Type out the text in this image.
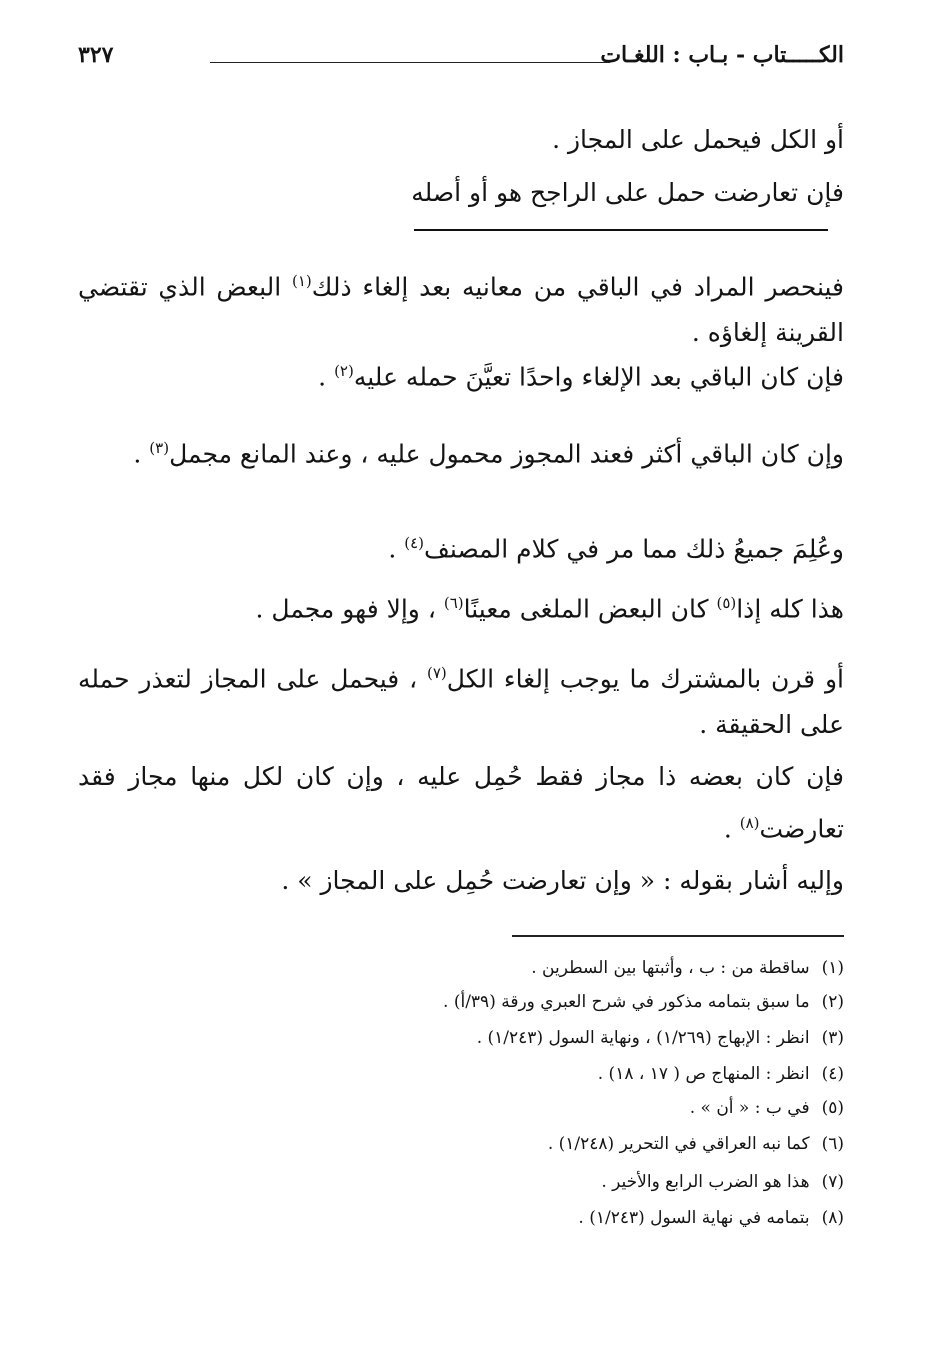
الكـــــتاب - بـاب : اللغـات
٣٢٧
أو الكل فيحمل على المجاز .
فإن تعارضت حمل على الراجح هو أو أصله
فينحصر المراد في الباقي من معانيه بعد إلغاء ذلك$^{(١)}$ البعض الذي تقتضي القرينة إلغاؤه .
فإن كان الباقي بعد الإلغاء واحدًا تعيَّنَ حمله عليه$^{(٢)}$ .
وإن كان الباقي أكثر فعند المجوز محمول عليه ، وعند المانع مجمل$^{(٣)}$ .
وعُلِمَ جميعُ ذلك مما مر في كلام المصنف$^{(٤)}$ .
هذا كله إذا$^{(٥)}$ كان البعض الملغى معينًا$^{(٦)}$ ، وإلا فهو مجمل .
أو قرن بالمشترك ما يوجب إلغاء الكل$^{(٧)}$ ، فيحمل على المجاز لتعذر حمله على الحقيقة .
فإن كان بعضه ذا مجاز فقط حُمِل عليه ، وإن كان لكل منها مجاز فقد تعارضت$^{(٨)}$ .
وإليه أشار بقوله : « وإن تعارضت حُمِل على المجاز » .
(١)ساقطة من : ب ، وأثبتها بين السطرين .
(٢)ما سبق بتمامه مذكور في شرح العبري ورقة (٣٩/أ) .
(٣)انظر : الإبهاج (١/٢٦٩) ، ونهاية السول (١/٢٤٣) .
(٤)انظر : المنهاج ص ( ١٧ ، ١٨) .
(٥)في ب : « أن » .
(٦)كما نبه العراقي في التحرير (١/٢٤٨) .
(٧)هذا هو الضرب الرابع والأخير .
(٨)بتمامه في نهاية السول (١/٢٤٣) .
